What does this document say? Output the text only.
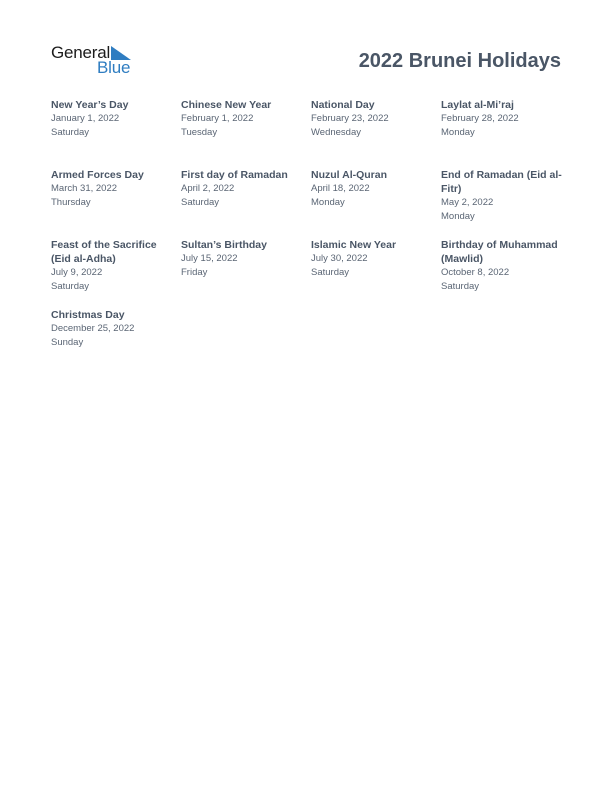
General
Blue	2022 Brunei Holidays
New Year’s Day
January 1, 2022
Saturday
Chinese New Year
February 1, 2022
Tuesday
National Day
February 23, 2022
Wednesday
Laylat al-Mi’raj
February 28, 2022
Monday
Armed Forces Day
March 31, 2022
Thursday
First day of Ramadan
April 2, 2022
Saturday
Nuzul Al-Quran
April 18, 2022
Monday
End of Ramadan (Eid al-Fitr)
May 2, 2022
Monday
Feast of the Sacrifice (Eid al-Adha)
July 9, 2022
Saturday
Sultan’s Birthday
July 15, 2022
Friday
Islamic New Year
July 30, 2022
Saturday
Birthday of Muhammad (Mawlid)
October 8, 2022
Saturday
Christmas Day
December 25, 2022
Sunday
